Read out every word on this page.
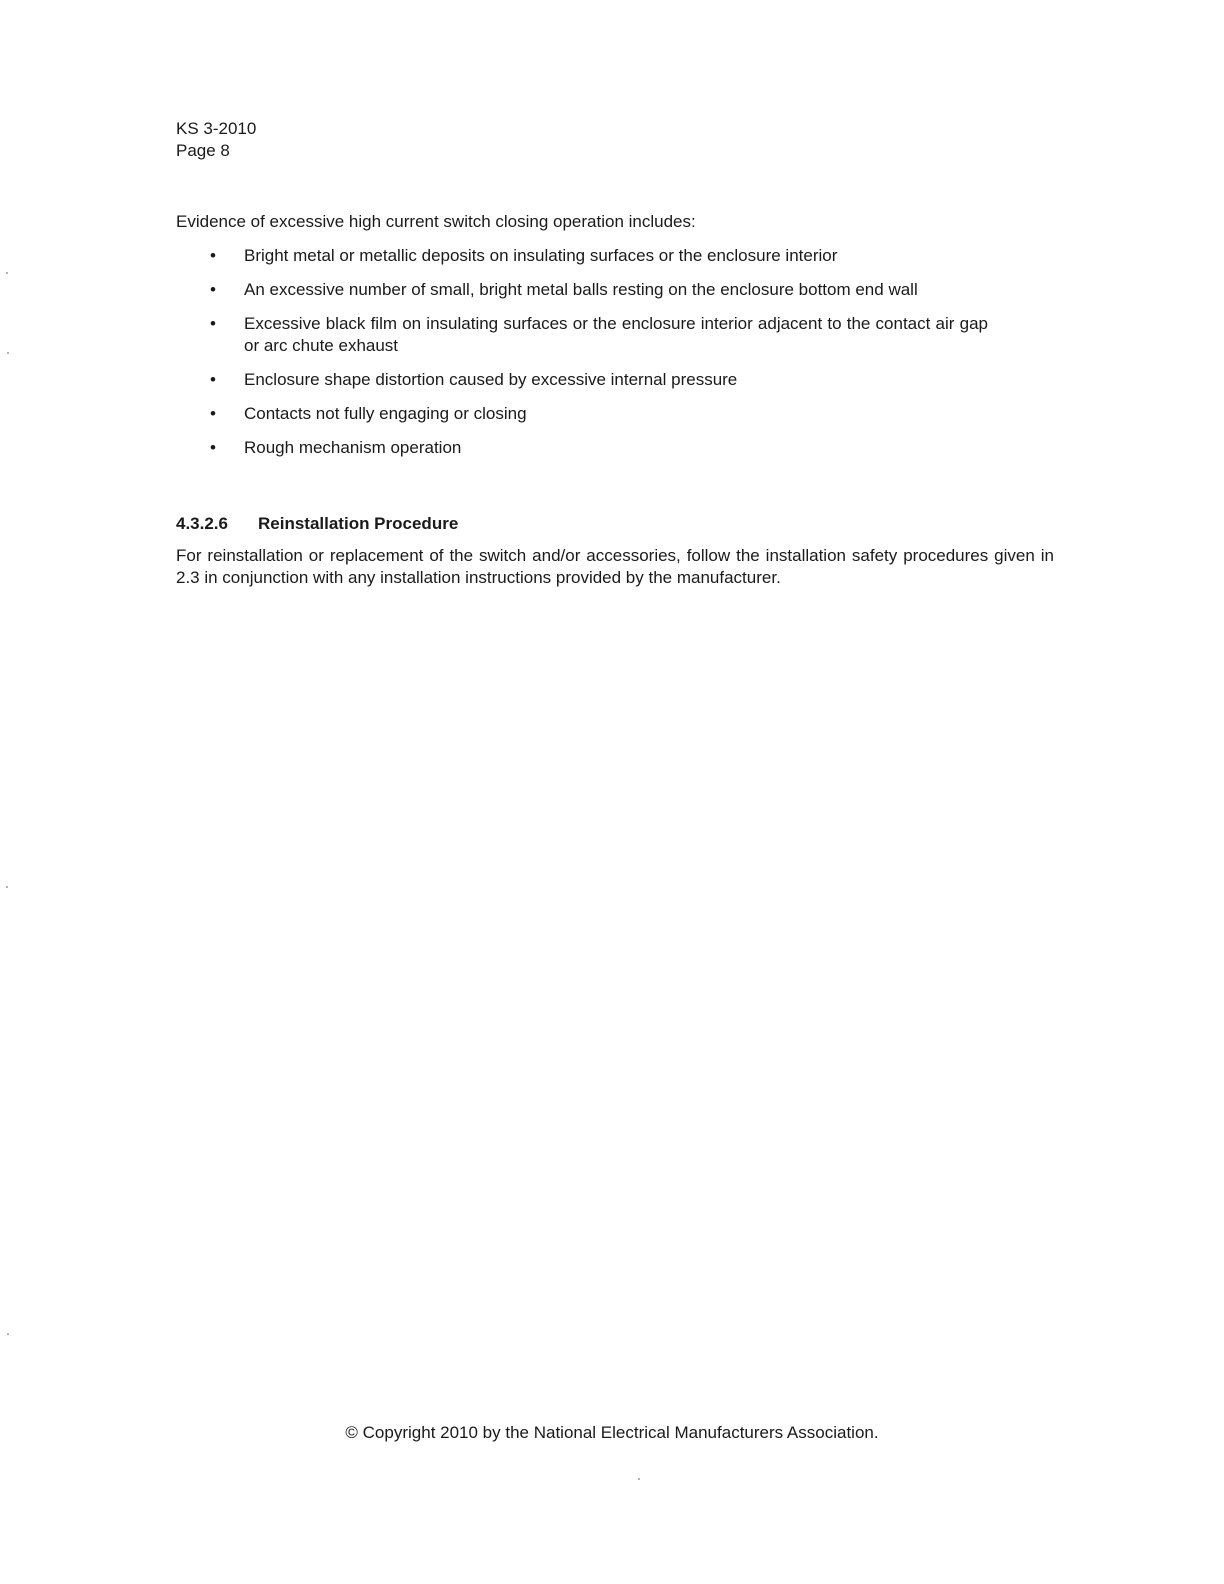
KS 3-2010
Page 8
Evidence of excessive high current switch closing operation includes:
• Bright metal or metallic deposits on insulating surfaces or the enclosure interior
• An excessive number of small, bright metal balls resting on the enclosure bottom end wall
• Excessive black film on insulating surfaces or the enclosure interior adjacent to the contact air gap or arc chute exhaust
• Enclosure shape distortion caused by excessive internal pressure
• Contacts not fully engaging or closing
• Rough mechanism operation
4.3.2.6 Reinstallation Procedure
For reinstallation or replacement of the switch and/or accessories, follow the installation safety procedures given in 2.3 in conjunction with any installation instructions provided by the manufacturer.
© Copyright 2010 by the National Electrical Manufacturers Association.
